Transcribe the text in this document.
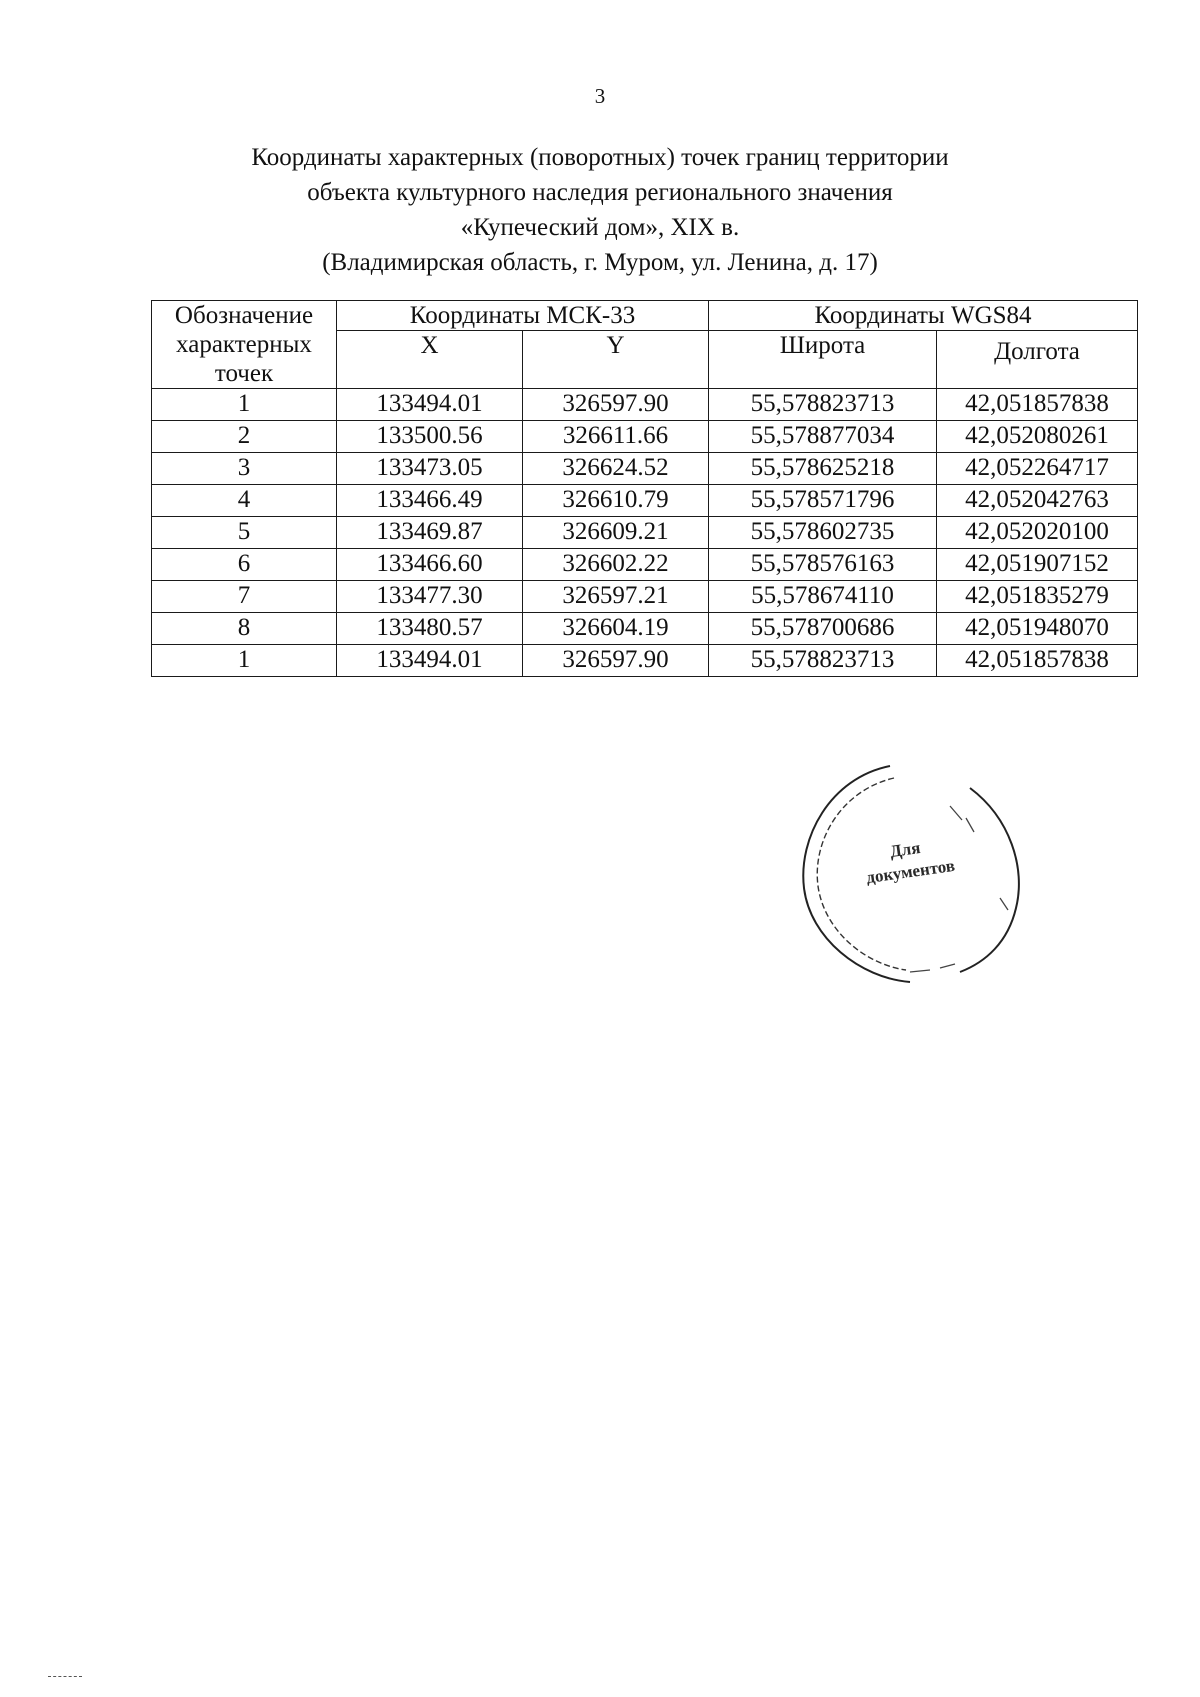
3
Координаты характерных (поворотных) точек границ территории
объекта культурного наследия регионального значения
«Купеческий дом», XIX в.
(Владимирская область, г. Муром, ул. Ленина, д. 17)
Обозначение
характерных
точек	Координаты МСК-33		Координаты WGS84	
	X	Y	Широта	Долгота
1	133494.01	326597.90	55,578823713	42,051857838
2	133500.56	326611.66	55,578877034	42,052080261
3	133473.05	326624.52	55,578625218	42,052264717
4	133466.49	326610.79	55,578571796	42,052042763
5	133469.87	326609.21	55,578602735	42,052020100
6	133466.60	326602.22	55,578576163	42,051907152
7	133477.30	326597.21	55,578674110	42,051835279
8	133480.57	326604.19	55,578700686	42,051948070
1	133494.01	326597.90	55,578823713	42,051857838
Для
документов
